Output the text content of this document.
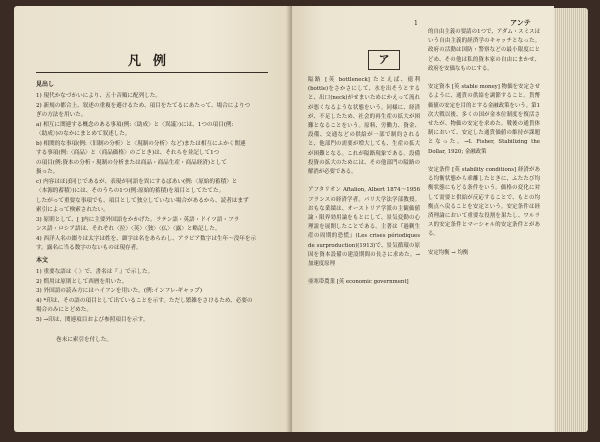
凡例
見出し
1) 現代かなづかいにより、五十音順に配列した。
2) 新規の都合上、叙述の重複を避けるため、項目をたてるにあたって、場合によりつ
ぎの方法を用いた。
a) 相互に関連する概念のある事項(例:〈助成〉と〈異議〉)には、1つの項目(例:
〈助成〉)のなかにまとめて叙述した。
b) 相関的な事項(例:〈旧制の分析〉と〈現制の分析〉など)または相互にふかく関連
する事項(例:〈商品〉と〈商品価格〉のごとき)は、それらを並記して1つ
の項目(例:資本の分析・現制の分析または商品・商品生産・商品経済)として
扱った。
c) 内容はほぼ同じであるが、表現が同語を異にするばあい(例:〈原始的蓄積〉と
〈本源的蓄積〉)には、そのうちの1つ(例:原始的蓄積)を項目としてたてた。
したがって重要な事項でも、項目として独立していない場合があるから、読者はまず
索引によって検索されたい。
3) 原則として、[ ]内に主要外国語をかかげた。ラテン語・英語・ドイツ語・フラ
ンス語・ロシア語は、それぞれ〈拉〉〈英〉〈独〉〈仏〉〈露〉と略記した。
4) 西洋人名の綴りは太字は姓を、細字は名をあらわし、アラビア数字は生年〜没年を示
す。露名に当る数字のないものは現存者。
本文
1) 重要な語は〈 〉で、書名は『 』で示した。
2) 慣用は原則として西暦を用いた。
3) 外国語の読み方にはハイフンを用いた。(例:インフレ-ギャップ)
4) *印は、その語の項目として出ていることを示す。ただし繁雑をさけるため、必要の
場合のみにとどめた。
5) →印は、関連項目および参照項目を示す。
巻末に索引を付した。
1	アンテ
ア
隘路 [英 bottleneck] たとえば、徳利(bottle)をさかさにして、水を出そうとすると、出口(neck)がせまいためにかえって流れが悪くなるような状態をいう。同様に、経済が、不足したため、社会的再生産の拡大が困難となることをいう。原料、労働力、資金、設備、交通などの供給が一部で制約されると、他部門の需要が増大しても、生産の拡大が困難となる。これが隘路現象である。設備投資の拡大のためには、その他部門の隘路の解消が必要である。

アフタリオン Aftalion, Albert 1874〜1956 フランスの経済学者。パリ大学法学部教授。おもな業績は、オーストリア学派の主観価値論・限界効用論をもとにして、景気変動の心理説を展開したことである。主著は『過剰生産の周期的恐慌』(Les crises périodiques de surproduction)(1913)で、景気循環の原因を資本設備の建設期間の長さに求めた。→加速度原理

亜寒帯農業 [英 economic government]
的自由主義の要請の1つで、アダム・スミスはいう自由主義的経済学のキャッチとなった。政府の活動は国防・警察などの最小限度にとどめ、その他は私的資本家の自由にまかせ、政府を安価なものにする。

安定資本 [英 stable money] 物価を安定させるように、通貨の供給を調節すること。貨幣価値の安定を目的とする金融政策をいう。第1次大戦以後、多くの国が金本位制度を復活させたが、物価の安定を求めた。戦後の通貨体制において、安定した通貨価値の維持が課題となった。→I. Fisher, Stabilizing the Dollar, 1920; 金融政策

安定条件 [英 stability conditions] 経済がある均衡状態から乖離したときに、ふたたび均衡状態にもどる条件をいう。価格の変化に対して需要と供給が反応することで、もとの均衡点へ戻ることを安定という。安定条件は経済理論において重要な役割を果たし、ワルラス的安定条件とマーシャル的安定条件とがある。

安定均衡 → 均衡
